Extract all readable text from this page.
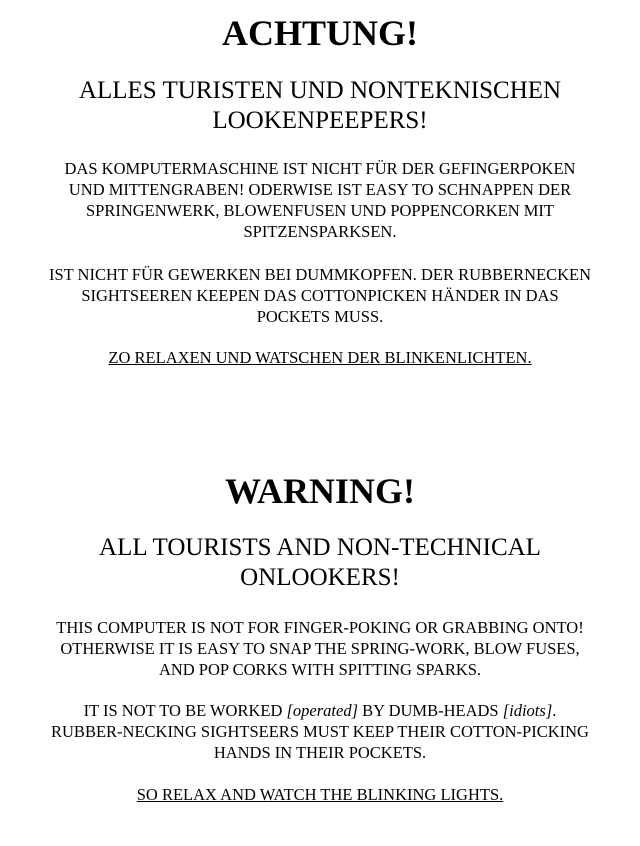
ACHTUNG!
ALLES TURISTEN UND NONTEKNISCHEN
LOOKENPEEPERS!
DAS KOMPUTERMASCHINE IST NICHT FÜR DER GEFINGERPOKEN
UND MITTENGRABEN! ODERWISE IST EASY TO SCHNAPPEN DER
SPRINGENWERK, BLOWENFUSEN UND POPPENCORKEN MIT
SPITZENSPARKSEN.
IST NICHT FÜR GEWERKEN BEI DUMMKOPFEN. DER RUBBERNECKEN
SIGHTSEEREN KEEPEN DAS COTTONPICKEN HÄNDER IN DAS
POCKETS MUSS.
ZO RELAXEN UND WATSCHEN DER BLINKENLICHTEN.
WARNING!
ALL TOURISTS AND NON-TECHNICAL
ONLOOKERS!
THIS COMPUTER IS NOT FOR FINGER-POKING OR GRABBING ONTO!
OTHERWISE IT IS EASY TO SNAP THE SPRING-WORK, BLOW FUSES,
AND POP CORKS WITH SPITTING SPARKS.
IT IS NOT TO BE WORKED [operated] BY DUMB-HEADS [idiots].
RUBBER-NECKING SIGHTSEERS MUST KEEP THEIR COTTON-PICKING
HANDS IN THEIR POCKETS.
SO RELAX AND WATCH THE BLINKING LIGHTS.
